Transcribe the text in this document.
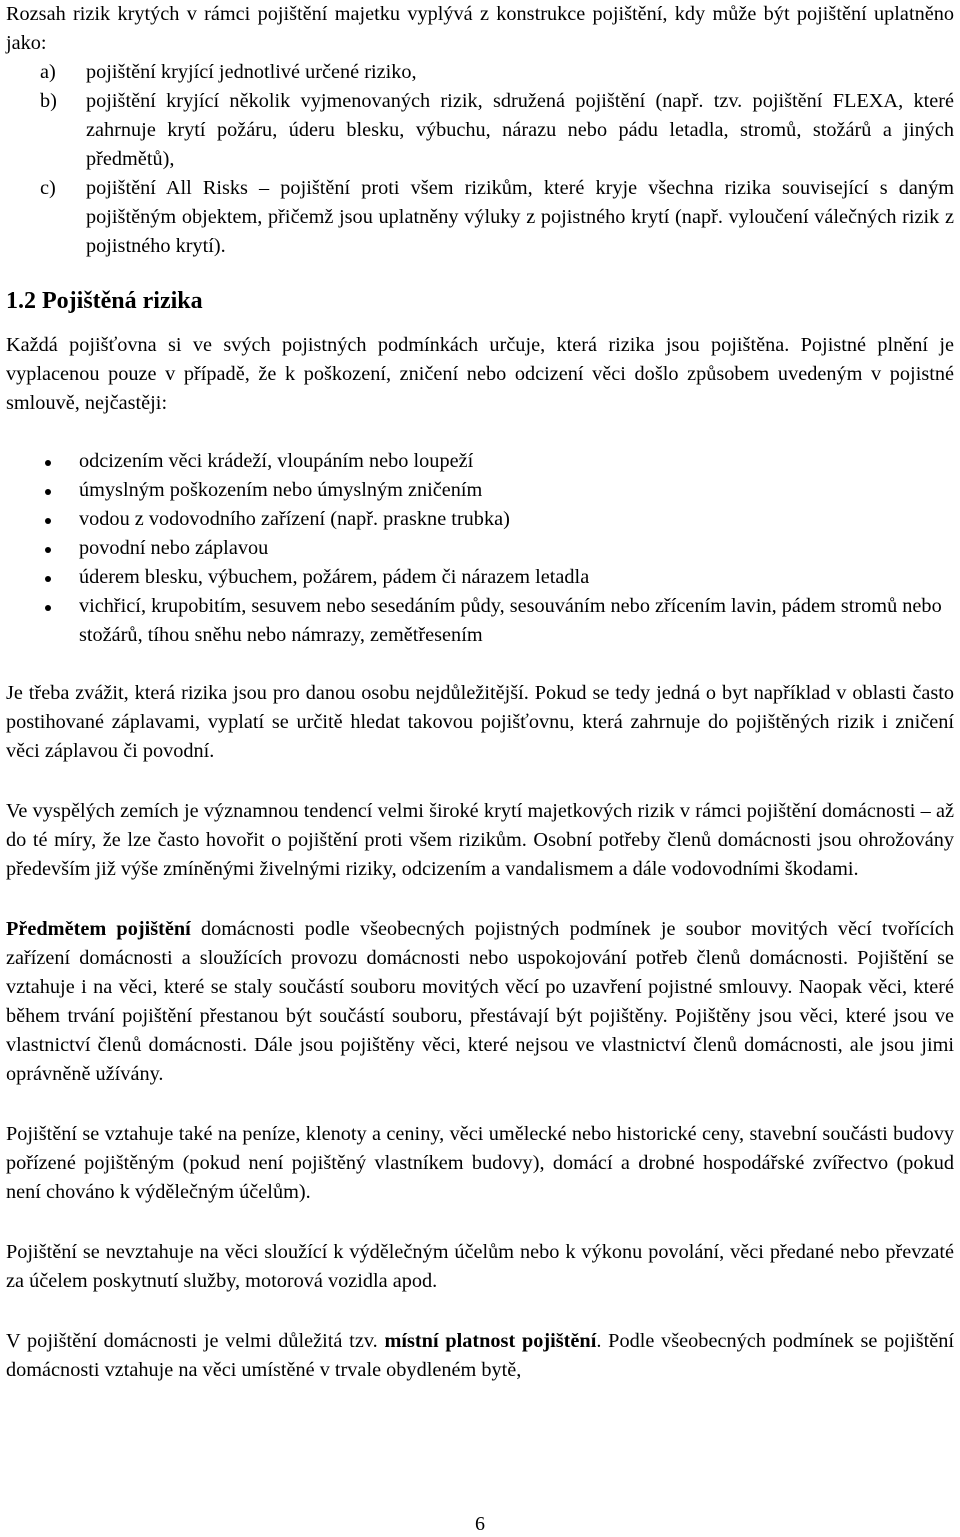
Rozsah rizik krytých v rámci pojištění majetku vyplývá z konstrukce pojištění, kdy může být pojištění uplatněno jako:

a)	pojištění kryjící jednotlivé určené riziko,
b)	pojištění kryjící několik vyjmenovaných rizik, sdružená pojištění (např. tzv. pojištění FLEXA, které zahrnuje krytí požáru, úderu blesku, výbuchu, nárazu nebo pádu letadla, stromů, stožárů a jiných předmětů),
c)	pojištění All Risks – pojištění proti všem rizikům, které kryje všechna rizika související s daným pojištěným objektem, přičemž jsou uplatněny výluky z pojistného krytí (např. vyloučení válečných rizik z pojistného krytí).
1.2 Pojištěná rizika

Každá pojišťovna si ve svých pojistných podmínkách určuje, která rizika jsou pojištěna. Pojistné plnění je vyplacenou pouze v případě, že k poškození, zničení nebo odcizení věci došlo způsobem uvedeným v pojistné smlouvě, nejčastěji:

odcizením věci krádeží, vloupáním nebo loupeží
úmyslným poškozením nebo úmyslným zničením
vodou z vodovodního zařízení (např. praskne trubka)
povodní nebo záplavou
úderem blesku, výbuchem, požárem, pádem či nárazem letadla
vichřicí, krupobitím, sesuvem nebo sesedáním půdy, sesouváním nebo zřícením lavin, pádem stromů nebo stožárů, tíhou sněhu nebo námrazy, zemětřesením

Je třeba zvážit, která rizika jsou pro danou osobu nejdůležitější. Pokud se tedy jedná o byt například v oblasti často postihované záplavami, vyplatí se určitě hledat takovou pojišťovnu, která zahrnuje do pojištěných rizik i zničení věci záplavou či povodní.

Ve vyspělých zemích je významnou tendencí velmi široké krytí majetkových rizik v rámci pojištění domácnosti – až do té míry, že lze často hovořit o pojištění proti všem rizikům. Osobní potřeby členů domácnosti jsou ohrožovány především již výše zmíněnými živelnými riziky, odcizením a vandalismem a dále vodovodními škodami.

Předmětem pojištění domácnosti podle všeobecných pojistných podmínek je soubor movitých věcí tvořících zařízení domácnosti a sloužících provozu domácnosti nebo uspokojování potřeb členů domácnosti. Pojištění se vztahuje i na věci, které se staly součástí souboru movitých věcí po uzavření pojistné smlouvy. Naopak věci, které během trvání pojištění přestanou být součástí souboru, přestávají být pojištěny. Pojištěny jsou věci, které jsou ve vlastnictví členů domácnosti. Dále jsou pojištěny věci, které nejsou ve vlastnictví členů domácnosti, ale jsou jimi oprávněně užívány.

Pojištění se vztahuje také na peníze, klenoty a ceniny, věci umělecké nebo historické ceny, stavební součásti budovy pořízené pojištěným (pokud není pojištěný vlastníkem budovy), domácí a drobné hospodářské zvířectvo (pokud není chováno k výdělečným účelům).

Pojištění se nevztahuje na věci sloužící k výdělečným účelům nebo k výkonu povolání, věci předané nebo převzaté za účelem poskytnutí služby, motorová vozidla apod.

V pojištění domácnosti je velmi důležitá tzv. místní platnost pojištění. Podle všeobecných podmínek se pojištění domácnosti vztahuje na věci umístěné v trvale obydleném bytě,

6
